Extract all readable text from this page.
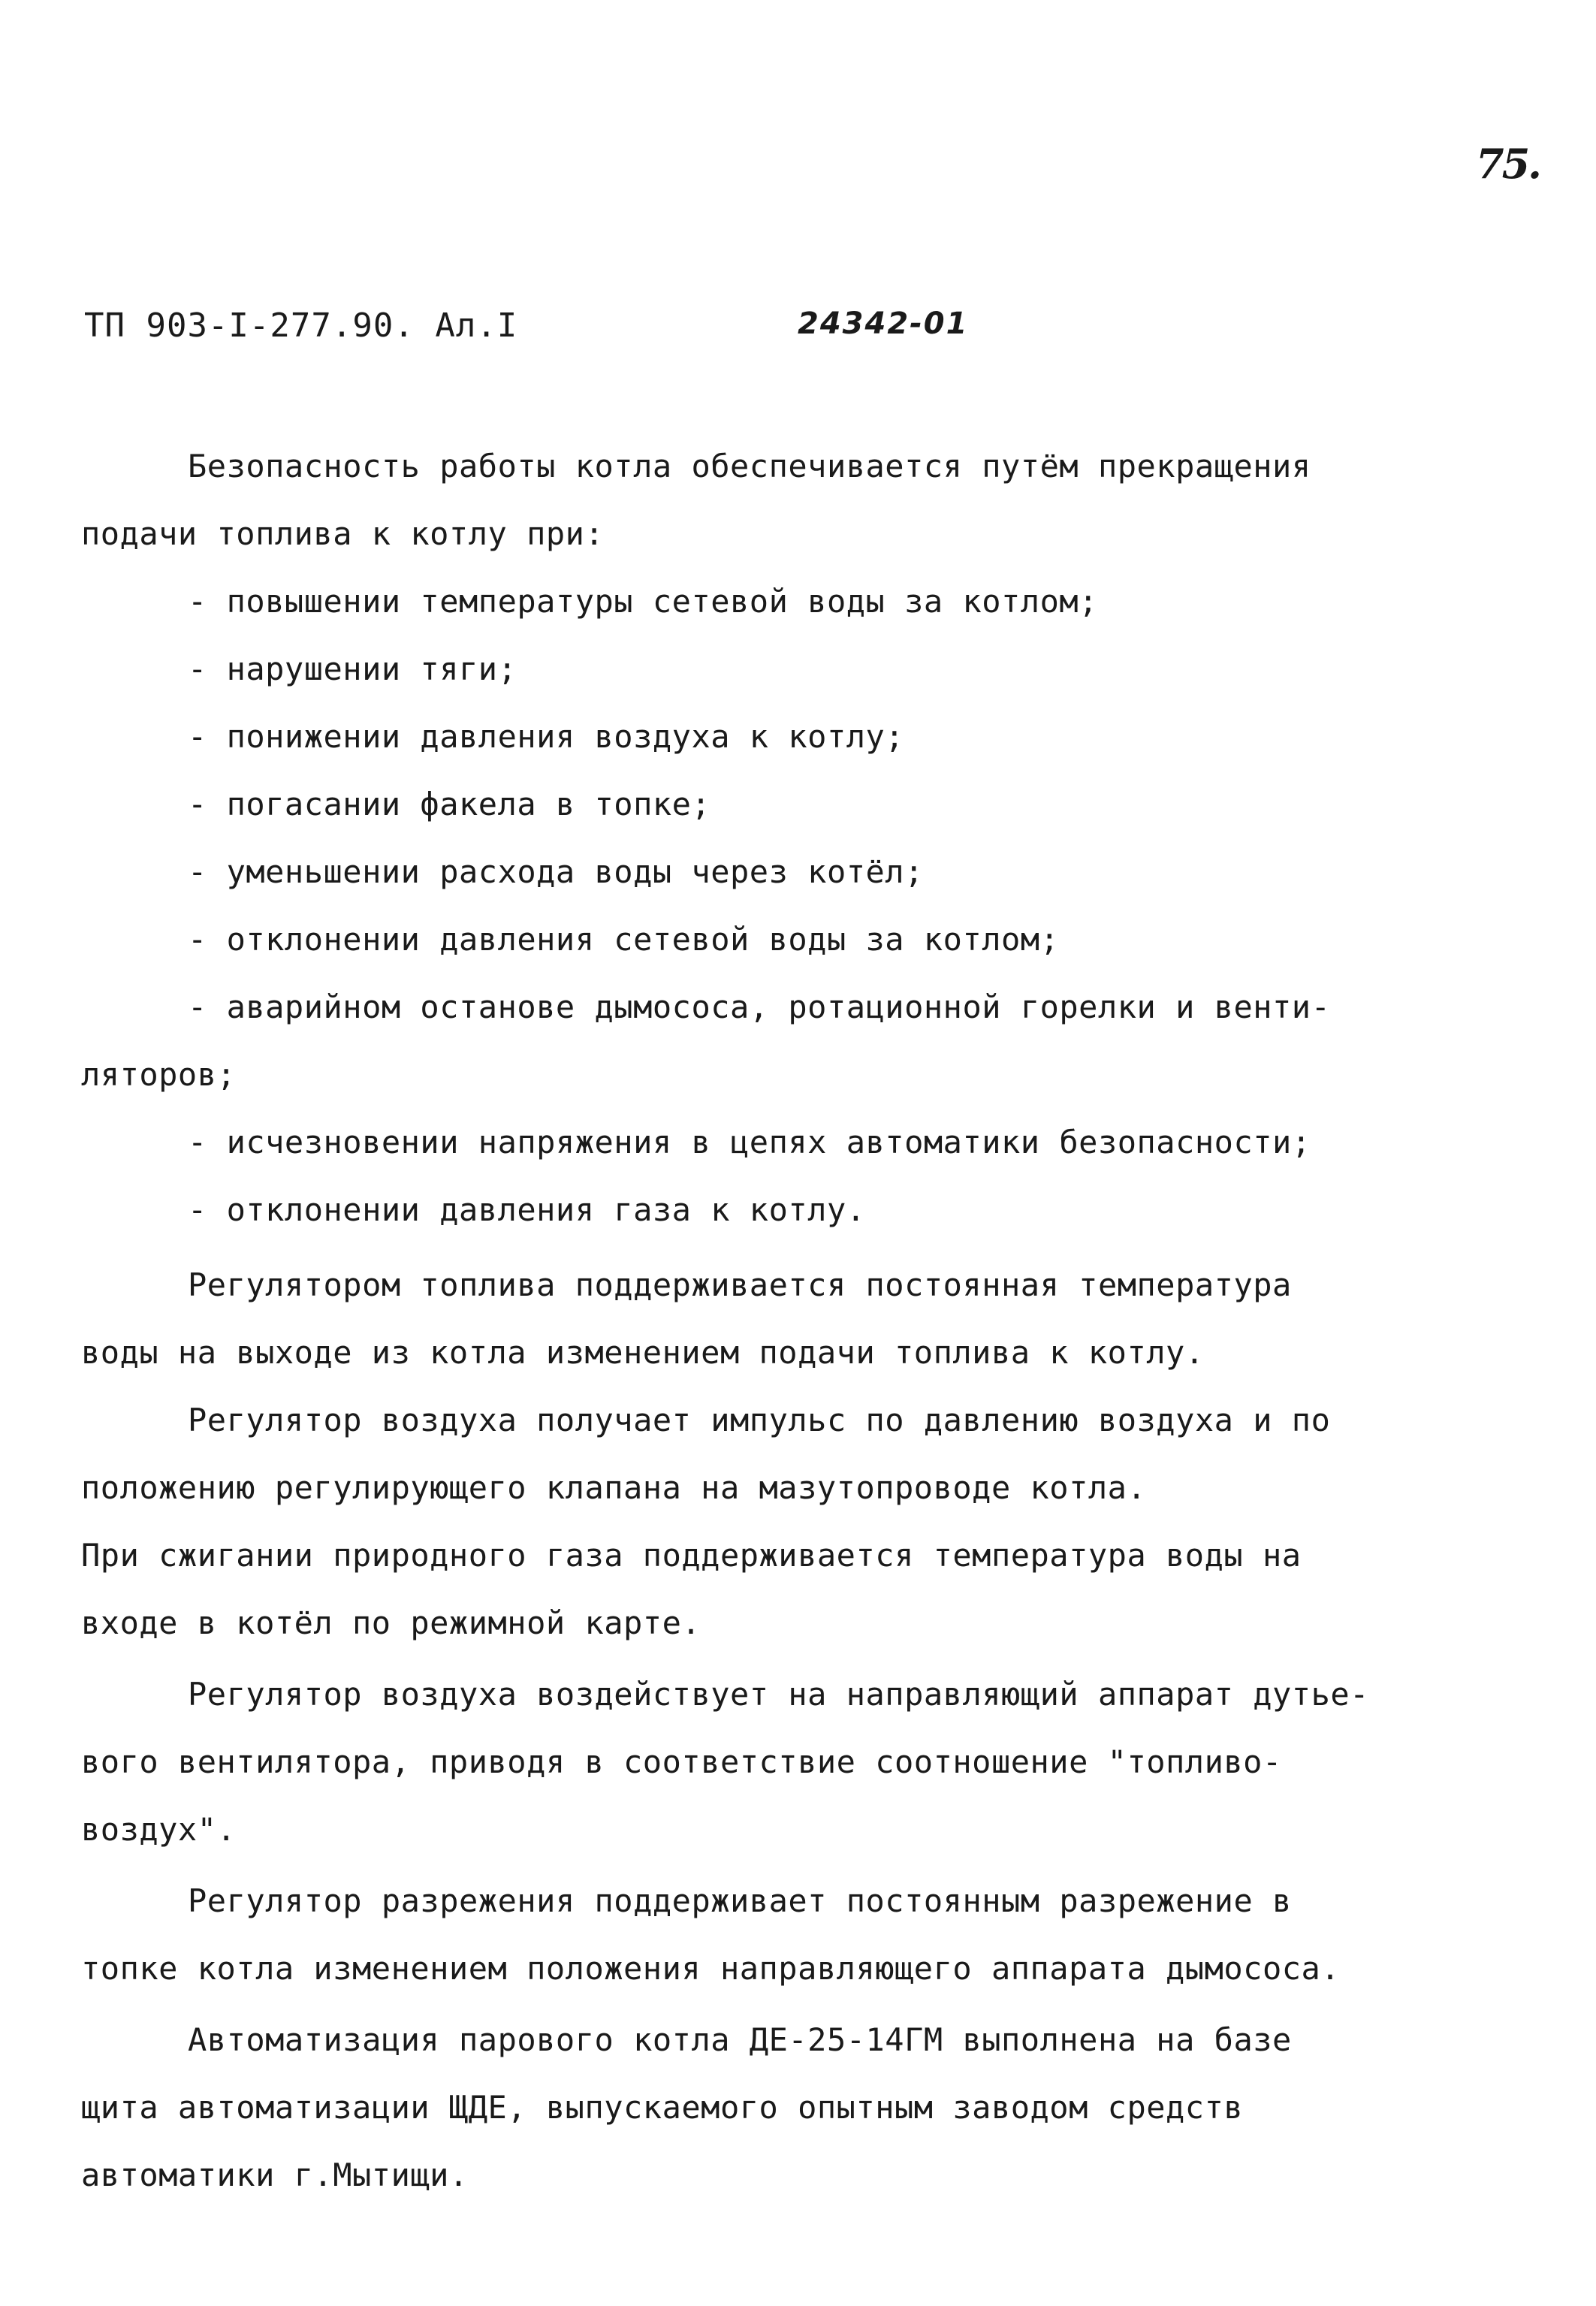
75.
ТП 903-I-277.90. Ал.I	24342-01
Безопасность работы котла обеспечивается путём прекращения
подачи топлива к котлу при:
- повышении температуры сетевой воды за котлом;
- нарушении тяги;
- понижении давления воздуха к котлу;
- погасании факела в топке;
- уменьшении расхода воды через котёл;
- отклонении давления сетевой воды за котлом;
- аварийном останове дымососа, ротационной горелки и венти-
ляторов;
- исчезновении напряжения в цепях автоматики безопасности;
- отклонении давления газа к котлу.
Регулятором топлива поддерживается постоянная температура
воды на выходе из котла изменением подачи топлива к котлу.
Регулятор воздуха получает импульс по давлению воздуха и по
положению регулирующего клапана на мазутопроводе котла.
При сжигании природного газа поддерживается температура воды на
входе в котёл по режимной карте.
Регулятор воздуха воздействует на направляющий аппарат дутье-
вого вентилятора, приводя в соответствие соотношение "топливо-
воздух".
Регулятор разрежения поддерживает постоянным разрежение в
топке котла изменением положения направляющего аппарата дымососа.
Автоматизация парового котла ДЕ-25-14ГМ выполнена на базе
щита автоматизации ЩДЕ, выпускаемого опытным заводом средств
автоматики г.Мытищи.
